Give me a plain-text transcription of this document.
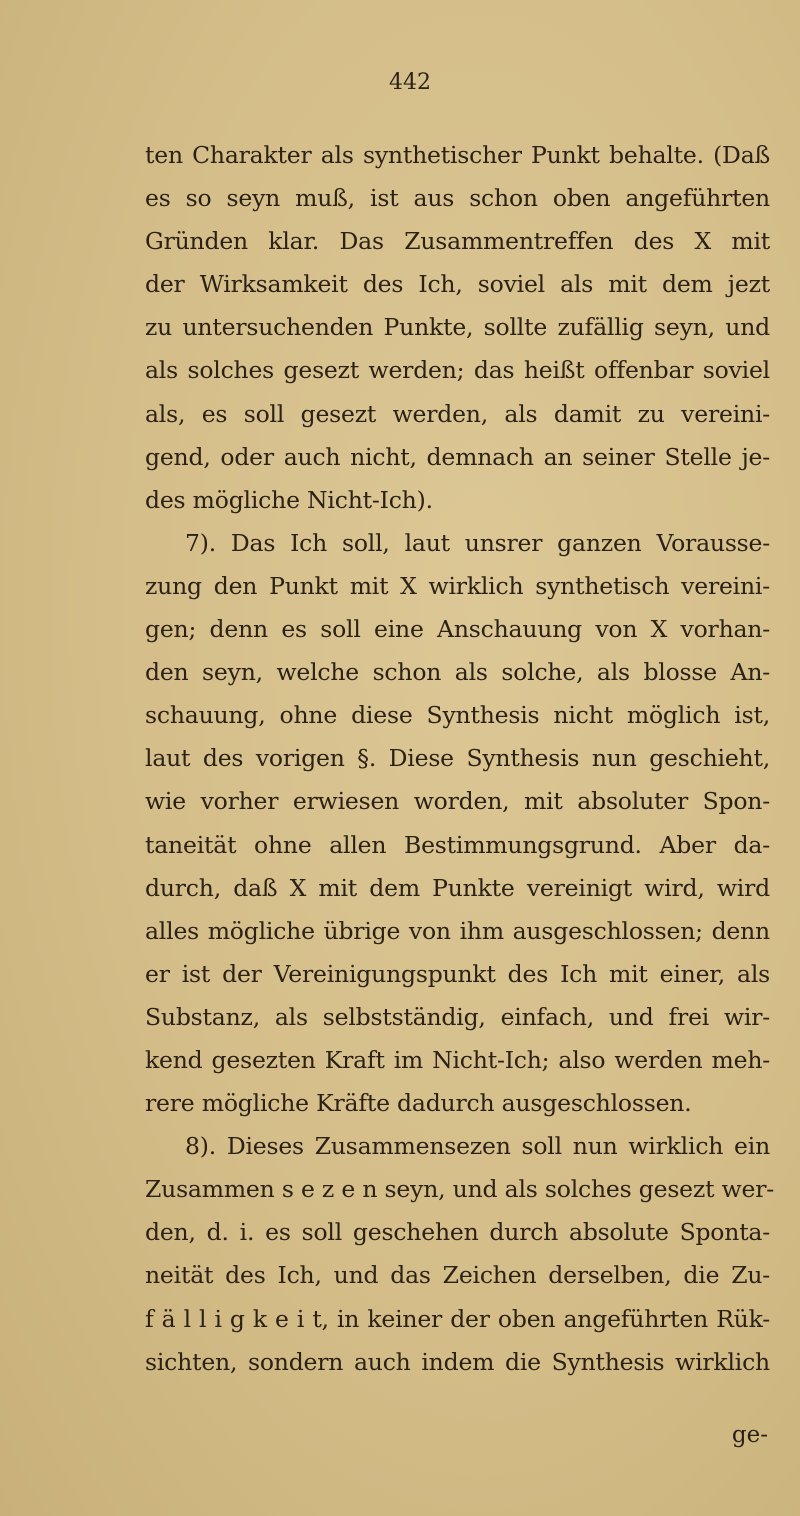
442
ten Charakter als synthetischer Punkt behalte. (Daß
es so seyn muß, ist aus schon oben angeführten
Gründen klar. Das Zusammentreffen des X mit
der Wirksamkeit des Ich, soviel als mit dem jezt
zu untersuchenden Punkte, sollte zufällig seyn, und
als solches gesezt werden; das heißt offenbar soviel
als, es soll gesezt werden, als damit zu vereini-
gend, oder auch nicht, demnach an seiner Stelle je-
des mögliche Nicht-Ich).
7). Das Ich soll, laut unsrer ganzen Voraussе-
zung den Punkt mit X wirklich synthetisch vereini-
gen; denn es soll eine Anschauung von X vorhan-
den seyn, welche schon als solche, als blosse An-
schauung, ohne diese Synthesis nicht möglich ist,
laut des vorigen §. Diese Synthesis nun geschieht,
wie vorher erwiesen worden, mit absoluter Spon-
taneität ohne allen Bestimmungsgrund. Aber da-
durch, daß X mit dem Punkte vereinigt wird, wird
alles mögliche übrige von ihm ausgeschlossen; denn
er ist der Vereinigungspunkt des Ich mit einer, als
Substanz, als selbstständig, einfach, und frei wir-
kend gesezten Kraft im Nicht-Ich; also werden meh-
rere mögliche Kräfte dadurch ausgeschlossen.
8). Dieses Zusammensezen soll nun wirklich ein
Zusammen s e z e n seyn, und als solches gesezt wer-
den, d. i. es soll geschehen durch absolute Sponta-
neität des Ich, und das Zeichen derselben, die Zu-
f ä l l i g k e i t, in keiner der oben angeführten Rük-
sichten, sondern auch indem die Synthesis wirklich
ge-
